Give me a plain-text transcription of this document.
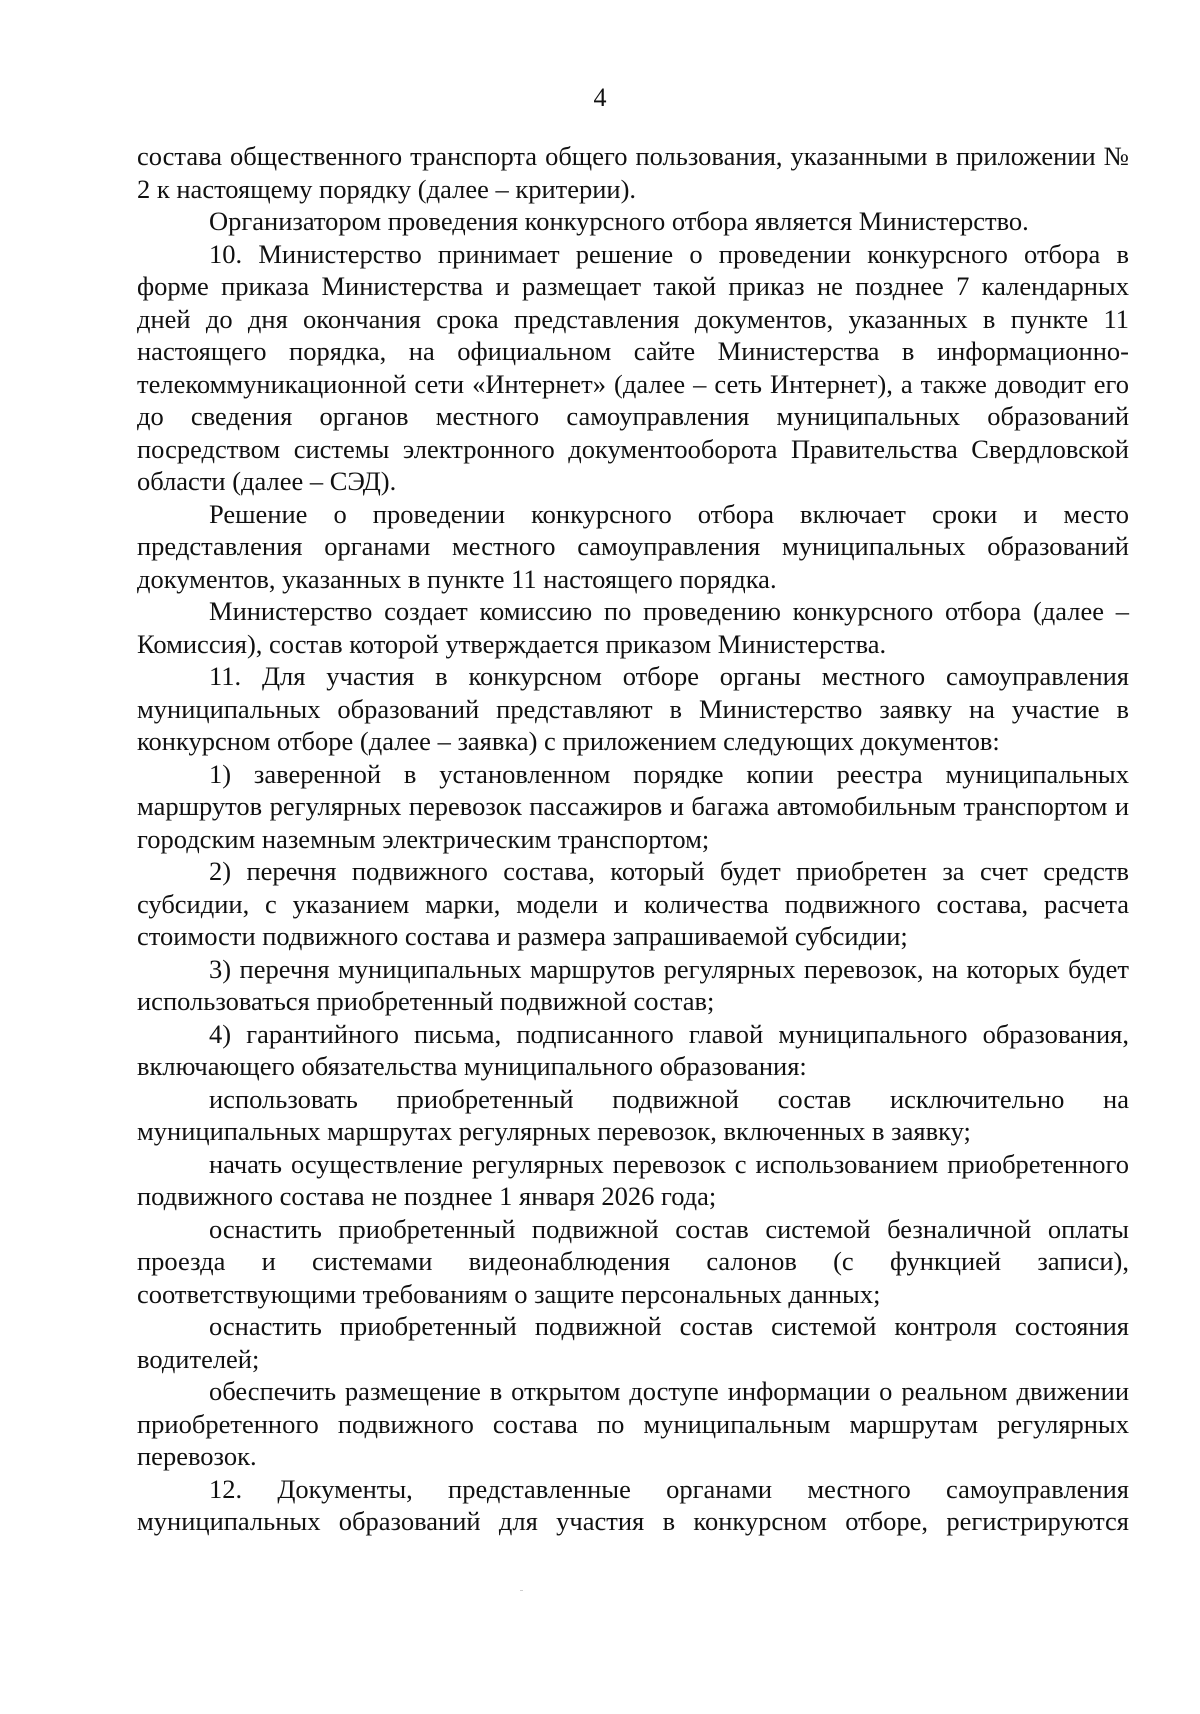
4

состава общественного транспорта общего пользования, указанными в приложении № 2 к настоящему порядку (далее – критерии).

Организатором проведения конкурсного отбора является Министерство.

10. Министерство принимает решение о проведении конкурсного отбора в форме приказа Министерства и размещает такой приказ не позднее 7 календарных дней до дня окончания срока представления документов, указанных в пункте 11 настоящего порядка, на официальном сайте Министерства в информационно-телекоммуникационной сети «Интернет» (далее – сеть Интернет), а также доводит его до сведения органов местного самоуправления муниципальных образований посредством системы электронного документооборота Правительства Свердловской области (далее – СЭД).

Решение о проведении конкурсного отбора включает сроки и место представления органами местного самоуправления муниципальных образований документов, указанных в пункте 11 настоящего порядка.

Министерство создает комиссию по проведению конкурсного отбора (далее – Комиссия), состав которой утверждается приказом Министерства.

11. Для участия в конкурсном отборе органы местного самоуправления муниципальных образований представляют в Министерство заявку на участие в конкурсном отборе (далее – заявка) с приложением следующих документов:

1) заверенной в установленном порядке копии реестра муниципальных маршрутов регулярных перевозок пассажиров и багажа автомобильным транспортом и городским наземным электрическим транспортом;

2) перечня подвижного состава, который будет приобретен за счет средств субсидии, с указанием марки, модели и количества подвижного состава, расчета стоимости подвижного состава и размера запрашиваемой субсидии;

3) перечня муниципальных маршрутов регулярных перевозок, на которых будет использоваться приобретенный подвижной состав;

4) гарантийного письма, подписанного главой муниципального образования, включающего обязательства муниципального образования:

использовать приобретенный подвижной состав исключительно на муниципальных маршрутах регулярных перевозок, включенных в заявку;

начать осуществление регулярных перевозок с использованием приобретенного подвижного состава не позднее 1 января 2026 года;

оснастить приобретенный подвижной состав системой безналичной оплаты проезда и системами видеонаблюдения салонов (с функцией записи), соответствующими требованиям о защите персональных данных;

оснастить приобретенный подвижной состав системой контроля состояния водителей;

обеспечить размещение в открытом доступе информации о реальном движении приобретенного подвижного состава по муниципальным маршрутам регулярных перевозок.

12. Документы, представленные органами местного самоуправления муниципальных образований для участия в конкурсном отборе, регистрируются
